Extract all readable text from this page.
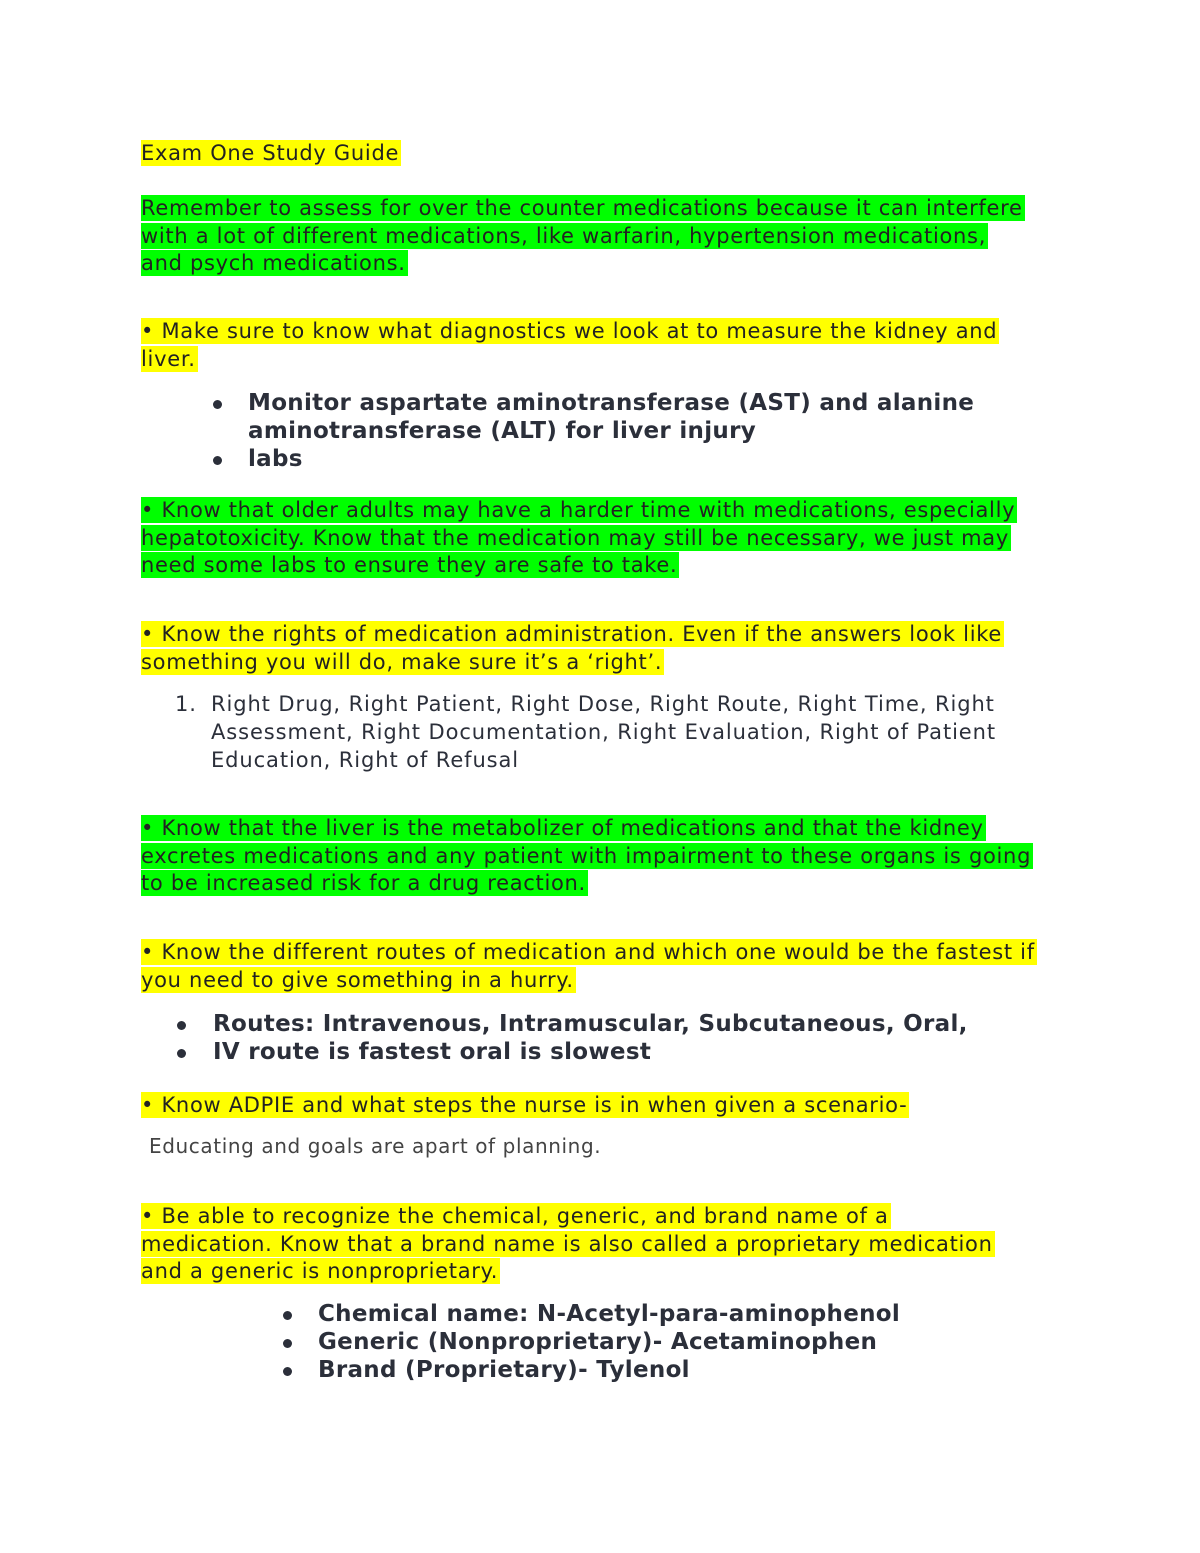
Exam One Study Guide
Remember to assess for over the counter medications because it can interfere with a lot of different medications, like warfarin, hypertension medications, and psych medications.
• Make sure to know what diagnostics we look at to measure the kidney and liver.
Monitor aspartate aminotransferase (AST) and alanine aminotransferase (ALT) for liver injury
labs
• Know that older adults may have a harder time with medications, especially hepatotoxicity. Know that the medication may still be necessary, we just may need some labs to ensure they are safe to take.
• Know the rights of medication administration. Even if the answers look like something you will do, make sure it’s a ‘right’.
1. Right Drug, Right Patient, Right Dose, Right Route, Right Time, Right Assessment, Right Documentation, Right Evaluation, Right of Patient Education, Right of Refusal
• Know that the liver is the metabolizer of medications and that the kidney excretes medications and any patient with impairment to these organs is going to be increased risk for a drug reaction.
• Know the different routes of medication and which one would be the fastest if you need to give something in a hurry.
Routes: Intravenous, Intramuscular, Subcutaneous, Oral,
IV route is fastest oral is slowest
• Know ADPIE and what steps the nurse is in when given a scenario-
Educating and goals are apart of planning.
• Be able to recognize the chemical, generic, and brand name of a medication. Know that a brand name is also called a proprietary medication and a generic is nonproprietary.
Chemical name: N-Acetyl-para-aminophenol
Generic (Nonproprietary)- Acetaminophen
Brand (Proprietary)- Tylenol
